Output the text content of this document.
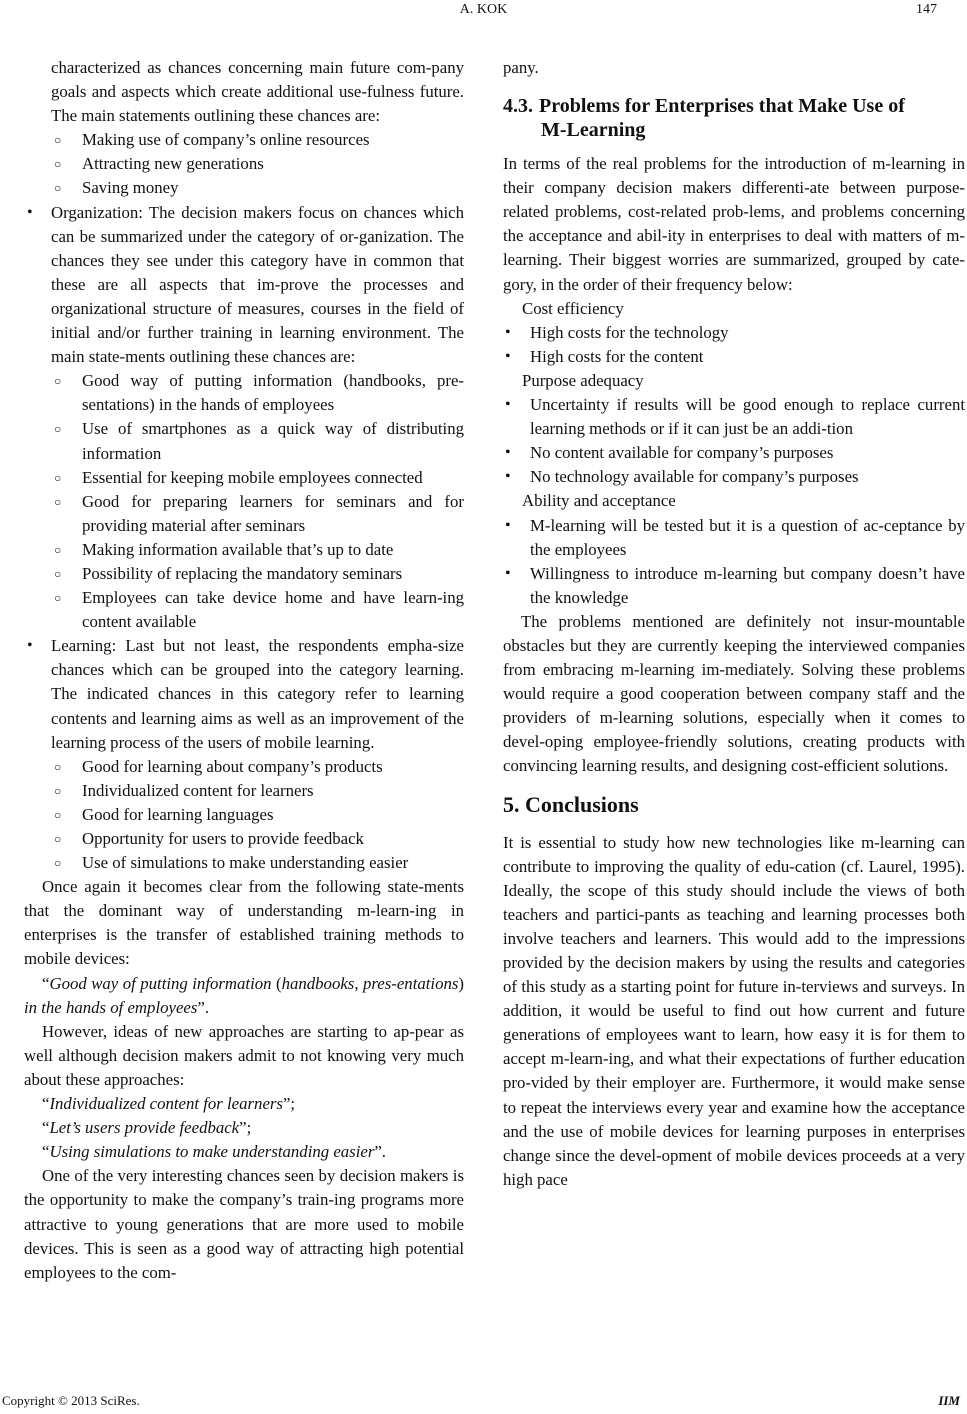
A. KOK	147

characterized as chances concerning main future com-pany goals and aspects which create additional use-fulness future. The main statements outlining these chances are:

○ Making use of company’s online resources
○ Attracting new generations
○ Saving money
• Organization: The decision makers focus on chances which can be summarized under the category of or-ganization. The chances they see under this category have in common that these are all aspects that im-prove the processes and organizational structure of measures, courses in the field of initial and/or further training in learning environment. The main state-ments outlining these chances are:
○ Good way of putting information (handbooks, pre-sentations) in the hands of employees
○ Use of smartphones as a quick way of distributing information
○ Essential for keeping mobile employees connected
○ Good for preparing learners for seminars and for providing material after seminars
○ Making information available that’s up to date
○ Possibility of replacing the mandatory seminars
○ Employees can take device home and have learn-ing content available
• Learning: Last but not least, the respondents empha-size chances which can be grouped into the category learning. The indicated chances in this category refer to learning contents and learning aims as well as an improvement of the learning process of the users of mobile learning.
○ Good for learning about company’s products
○ Individualized content for learners
○ Good for learning languages
○ Opportunity for users to provide feedback
○ Use of simulations to make understanding easier

Once again it becomes clear from the following state-ments that the dominant way of understanding m-learn-ing in enterprises is the transfer of established training methods to mobile devices:

“Good way of putting information (handbooks, pres-entations) in the hands of employees”.

However, ideas of new approaches are starting to ap-pear as well although decision makers admit to not knowing very much about these approaches:

“Individualized content for learners”;

“Let’s users provide feedback”;

“Using simulations to make understanding easier”.

One of the very interesting chances seen by decision makers is the opportunity to make the company’s train-ing programs more attractive to young generations that are more used to mobile devices. This is seen as a good way of attracting high potential employees to the com-

pany.

4.3. Problems for Enterprises that Make Use of
M-Learning

In terms of the real problems for the introduction of m-learning in their company decision makers differenti-ate between purpose-related problems, cost-related prob-lems, and problems concerning the acceptance and abil-ity in enterprises to deal with matters of m-learning. Their biggest worries are summarized, grouped by cate-gory, in the order of their frequency below:

Cost efficiency
• High costs for the technology
• High costs for the content
Purpose adequacy
• Uncertainty if results will be good enough to replace current learning methods or if it can just be an addi-tion
• No content available for company’s purposes
• No technology available for company’s purposes
Ability and acceptance
• M-learning will be tested but it is a question of ac-ceptance by the employees
• Willingness to introduce m-learning but company doesn’t have the knowledge

The problems mentioned are definitely not insur-mountable obstacles but they are currently keeping the interviewed companies from embracing m-learning im-mediately. Solving these problems would require a good cooperation between company staff and the providers of m-learning solutions, especially when it comes to devel-oping employee-friendly solutions, creating products with convincing learning results, and designing cost-efficient solutions.

5. Conclusions

It is essential to study how new technologies like m-learning can contribute to improving the quality of edu-cation (cf. Laurel, 1995). Ideally, the scope of this study should include the views of both teachers and partici-pants as teaching and learning processes both involve teachers and learners. This would add to the impressions provided by the decision makers by using the results and categories of this study as a starting point for future in-terviews and surveys. In addition, it would be useful to find out how current and future generations of employees want to learn, how easy it is for them to accept m-learn-ing, and what their expectations of further education pro-vided by their employer are. Furthermore, it would make sense to repeat the interviews every year and examine how the acceptance and the use of mobile devices for learning purposes in enterprises change since the devel-opment of mobile devices proceeds at a very high pace

Copyright © 2013 SciRes.	IIM
